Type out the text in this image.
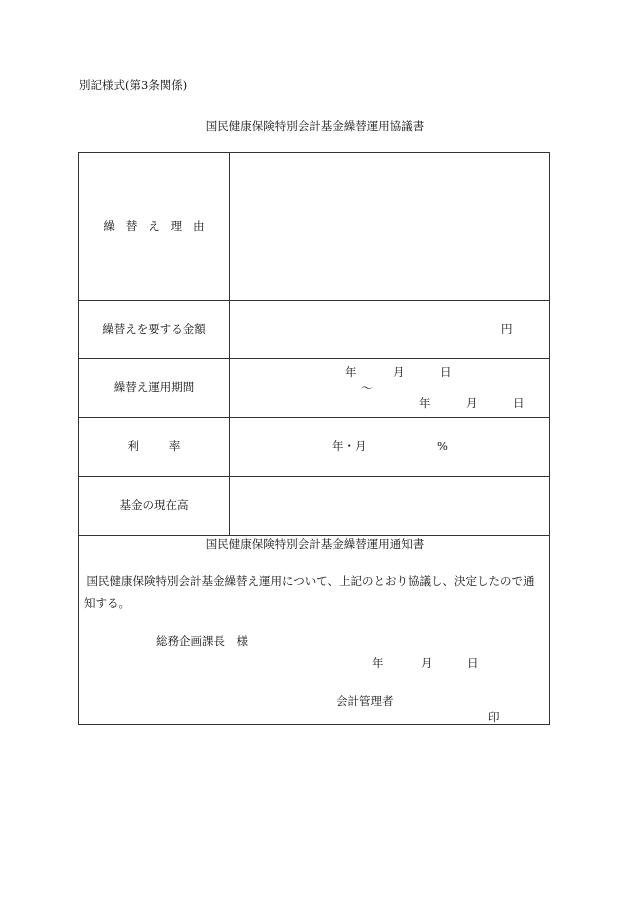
別記様式(第3条関係)
国民健康保険特別会計基金繰替運用協議書
繰替え理由
繰替えを要する金額	円
繰替え運用期間
年	月	日
～
年	月	日
利率	年・月	%
基金の現在高
国民健康保険特別会計基金繰替運用通知書
国民健康保険特別会計基金繰替え運用について、上記のとおり協議し、決定したので通
知する。
総務企画課長　様
年	月	日
会計管理者
印
